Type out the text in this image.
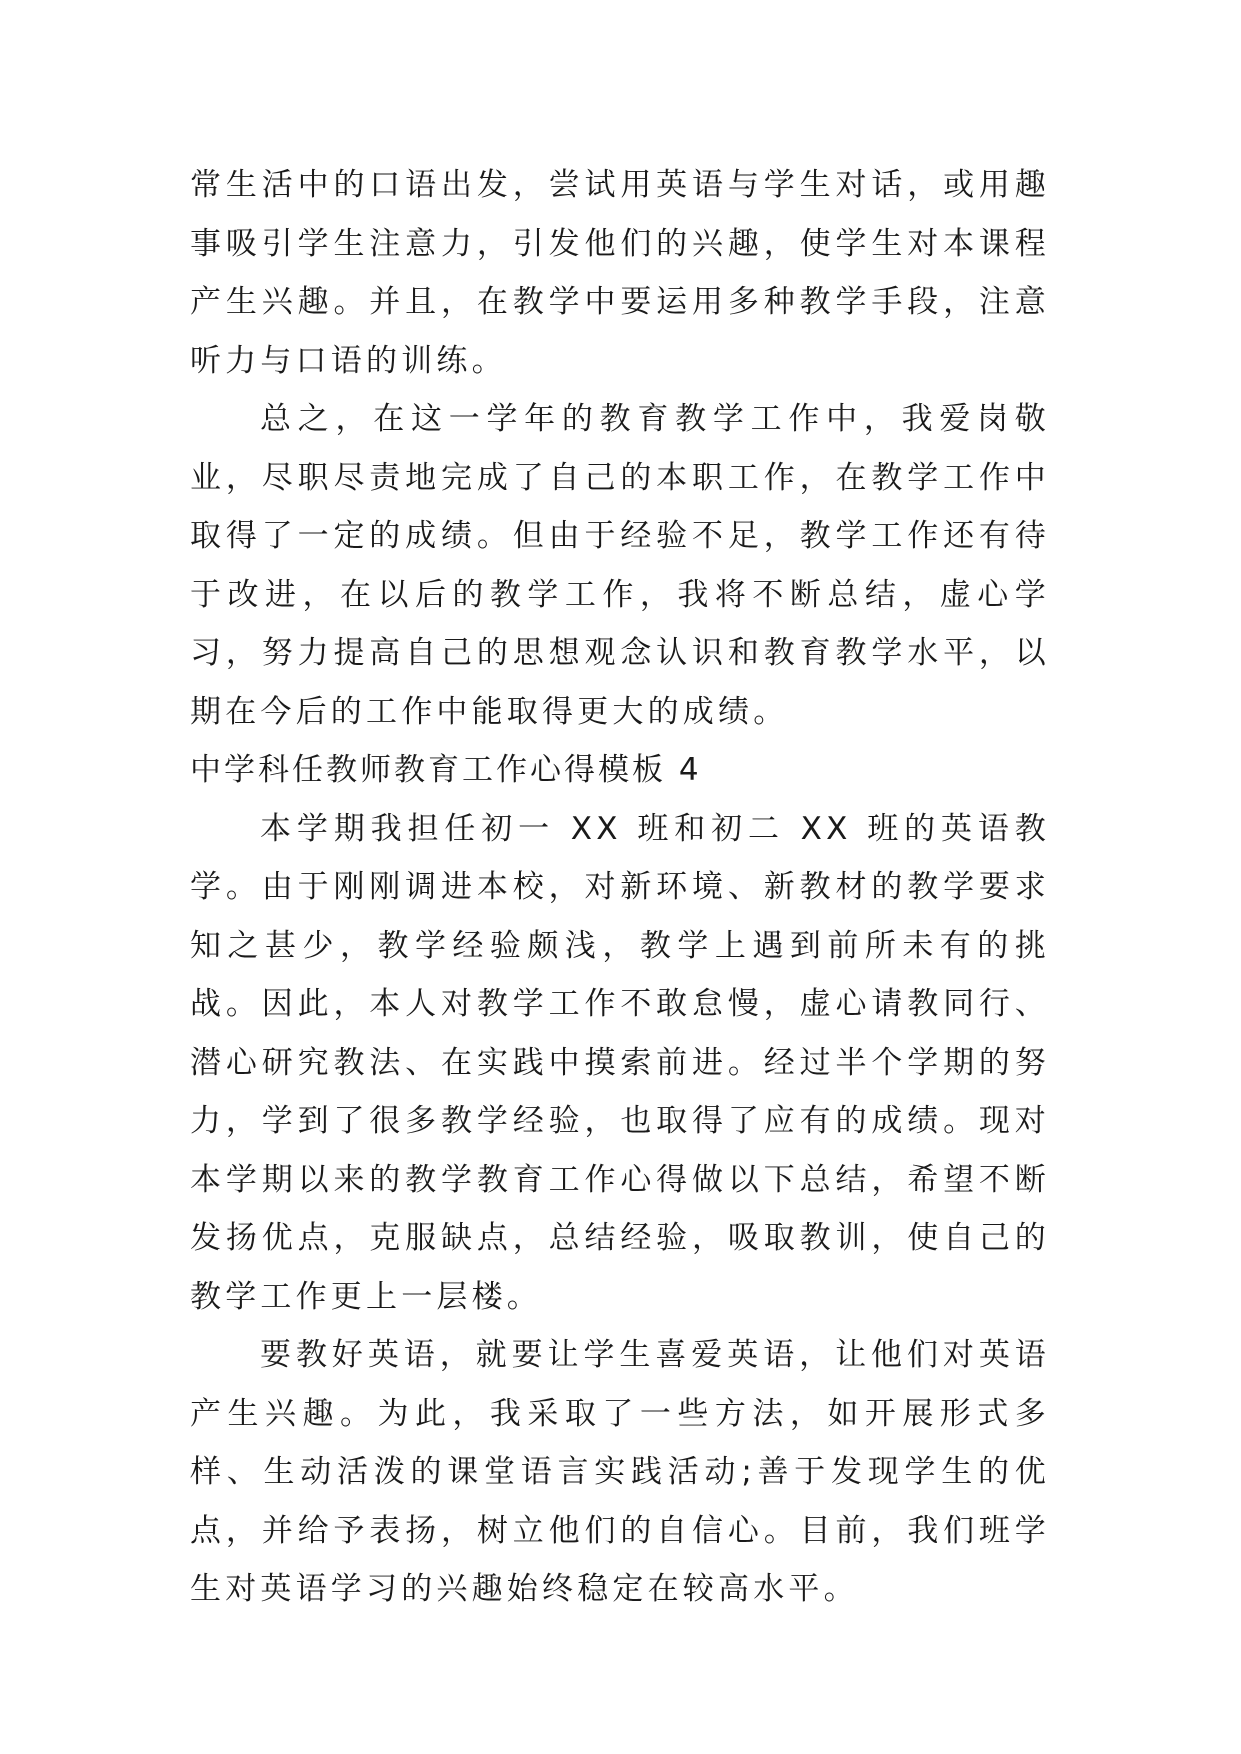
常生活中的口语出发，尝试用英语与学生对话，或用趣事吸引学生注意力，引发他们的兴趣，使学生对本课程产生兴趣。并且，在教学中要运用多种教学手段，注意听力与口语的训练。

总之，在这一学年的教育教学工作中，我爱岗敬业，尽职尽责地完成了自己的本职工作，在教学工作中取得了一定的成绩。但由于经验不足，教学工作还有待于改进，在以后的教学工作，我将不断总结，虚心学习，努力提高自己的思想观念认识和教育教学水平，以期在今后的工作中能取得更大的成绩。

中学科任教师教育工作心得模板 4

本学期我担任初一 XX 班和初二 XX 班的英语教学。由于刚刚调进本校，对新环境、新教材的教学要求知之甚少，教学经验颇浅，教学上遇到前所未有的挑战。因此，本人对教学工作不敢怠慢，虚心请教同行、潜心研究教法、在实践中摸索前进。经过半个学期的努力，学到了很多教学经验，也取得了应有的成绩。现对本学期以来的教学教育工作心得做以下总结，希望不断发扬优点，克服缺点，总结经验，吸取教训，使自己的教学工作更上一层楼。

要教好英语，就要让学生喜爱英语，让他们对英语产生兴趣。为此，我采取了一些方法，如开展形式多样、生动活泼的课堂语言实践活动;善于发现学生的优点，并给予表扬，树立他们的自信心。目前，我们班学生对英语学习的兴趣始终稳定在较高水平。
